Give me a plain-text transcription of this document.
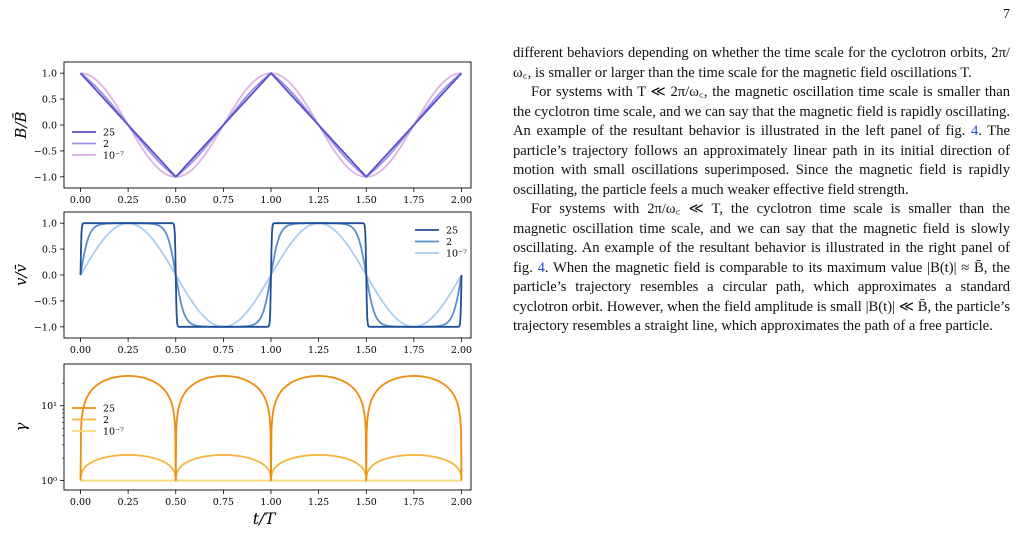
7
0.00	0.25	0.50	0.75	1.00	1.25	1.50	1.75	2.00
1.0
0.5
0.0
−0.5
−1.0
B/B̄	25
2
10⁻⁷
0.00	0.25	0.50	0.75	1.00	1.25	1.50	1.75	2.00
1.0
0.5
0.0
−0.5
−1.0
v/v̄
25
2
10⁻⁷
0.00	0.25	0.50	0.75	1.00	1.25	1.50	1.75	2.00
10¹
10⁰
γ
25
2
10⁻⁷
t/T

different behaviors depending on whether the time scale for the cyclotron orbits, 2π/ω꜀, is smaller or larger than the time scale for the magnetic field oscillations T.

For systems with T ≪ 2π/ω꜀, the magnetic oscillation time scale is smaller than the cyclotron time scale, and we can say that the magnetic field is rapidly oscillating. An example of the resultant behavior is illustrated in the left panel of fig. 4. The particle’s trajectory follows an approximately linear path in its initial direction of motion with small oscillations superimposed. Since the magnetic field is rapidly oscillating, the particle feels a much weaker effective field strength.

For systems with 2π/ω꜀ ≪ T, the cyclotron time scale is smaller than the magnetic oscillation time scale, and we can say that the magnetic field is slowly oscillating. An example of the resultant behavior is illustrated in the right panel of fig. 4. When the magnetic field is comparable to its maximum value |B(t)| ≈ B̄, the particle’s trajectory resembles a circular path, which approximates a standard cyclotron orbit. However, when the field amplitude is small |B(t)| ≪ B̄, the particle’s trajectory resembles a straight line, which approximates the path of a free particle.
